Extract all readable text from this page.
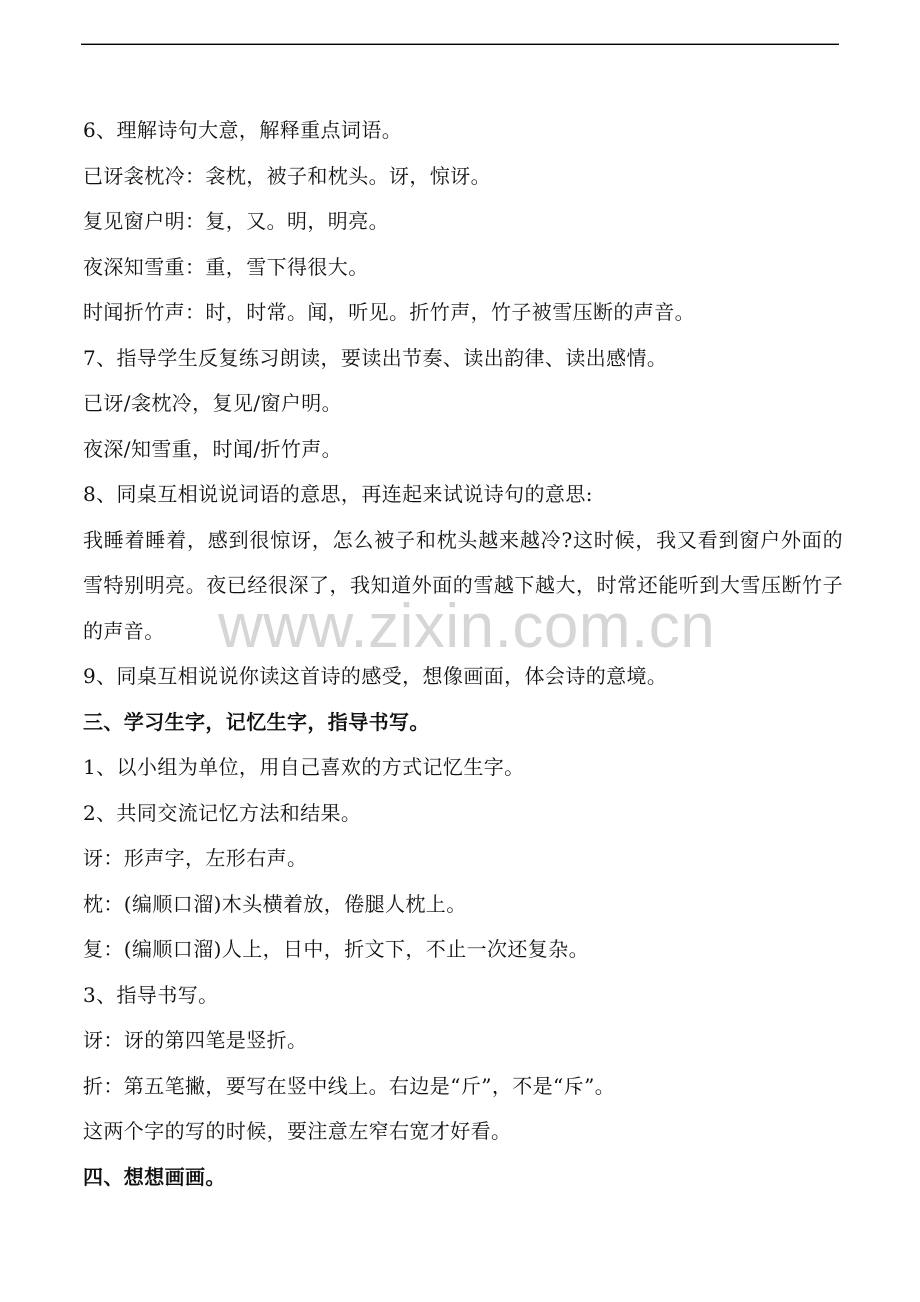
www.zixin.com.cn
6、理解诗句大意，解释重点词语。
已讶衾枕冷：衾枕，被子和枕头。讶，惊讶。
复见窗户明：复，又。明，明亮。
夜深知雪重：重，雪下得很大。
时闻折竹声：时，时常。闻，听见。折竹声，竹子被雪压断的声音。
7、指导学生反复练习朗读，要读出节奏、读出韵律、读出感情。
已讶/衾枕冷，复见/窗户明。
夜深/知雪重，时闻/折竹声。
8、同桌互相说说词语的意思，再连起来试说诗句的意思:
我睡着睡着，感到很惊讶，怎么被子和枕头越来越冷?这时候，我又看到窗户外面的雪特别明亮。夜已经很深了，我知道外面的雪越下越大，时常还能听到大雪压断竹子的声音。
9、同桌互相说说你读这首诗的感受，想像画面，体会诗的意境。
三、学习生字，记忆生字，指导书写。
1、以小组为单位，用自己喜欢的方式记忆生字。
2、共同交流记忆方法和结果。
讶：形声字，左形右声。
枕：(编顺口溜)木头横着放，倦腿人枕上。
复：(编顺口溜)人上，日中，折文下，不止一次还复杂。
3、指导书写。
讶：讶的第四笔是竖折。
折：第五笔撇，要写在竖中线上。右边是“斤”，不是“斥”。
这两个字的写的时候，要注意左窄右宽才好看。
四、想想画画。
